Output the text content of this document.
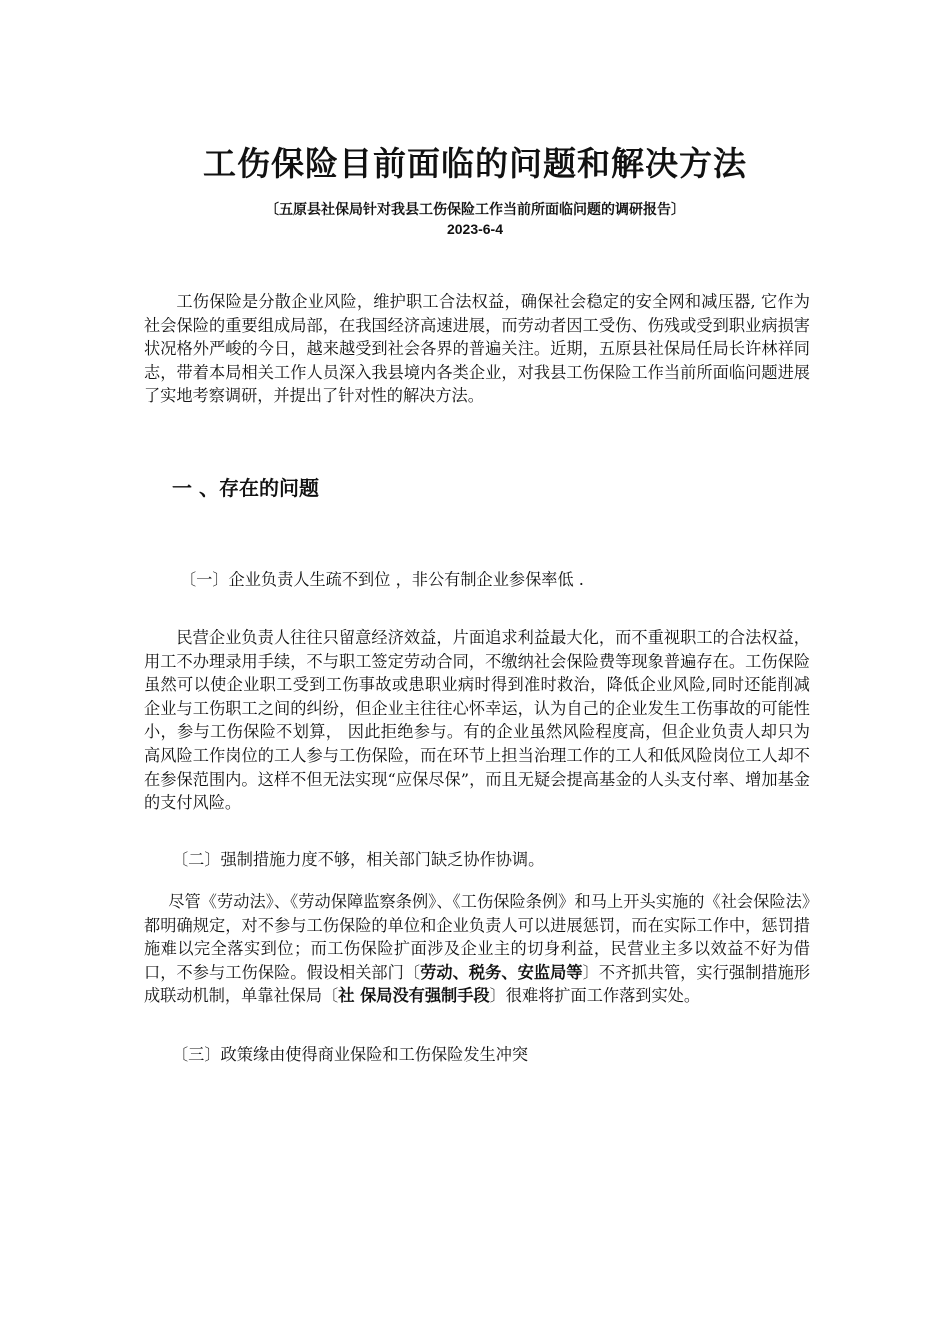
工伤保险目前面临的问题和解决方法

〔五原县社保局针对我县工伤保险工作当前所面临问题的调研报告〕

2023-6-4

工伤保险是分散企业风险，维护职工合法权益，确保社会稳定的安全网和减压器, 它作为社会保险的重要组成局部，在我国经济高速进展，而劳动者因工受伤、伤残或受到职业病损害状况格外严峻的今日，越来越受到社会各界的普遍关注。近期，五原县社保局任局长许林祥同志，带着本局相关工作人员深入我县境内各类企业，对我县工伤保险工作当前所面临问题进展了实地考察调研，并提出了针对性的解决方法。

一 、存在的问题

〔一〕企业负责人生疏不到位 ，非公有制企业参保率低 .

民营企业负责人往往只留意经济效益，片面追求利益最大化，而不重视职工的合法权益，用工不办理录用手续，不与职工签定劳动合同，不缴纳社会保险费等现象普遍存在。工伤保险虽然可以使企业职工受到工伤事故或患职业病时得到准时救治，降低企业风险,同时还能削减企业与工伤职工之间的纠纷，但企业主往往心怀幸运，认为自己的企业发生工伤事故的可能性小，参与工伤保险不划算， 因此拒绝参与。有的企业虽然风险程度高，但企业负责人却只为高风险工作岗位的工人参与工伤保险，而在环节上担当治理工作的工人和低风险岗位工人却不在参保范围内。这样不但无法实现“应保尽保”，而且无疑会提高基金的人头支付率、增加基金的支付风险。

〔二〕强制措施力度不够，相关部门缺乏协作协调。

尽管《劳动法》、《劳动保障监察条例》、《工伤保险条例》和马上开头实施的《社会保险法》都明确规定，对不参与工伤保险的单位和企业负责人可以进展惩罚，而在实际工作中，惩罚措施难以完全落实到位；而工伤保险扩面涉及企业主的切身利益，民营业主多以效益不好为借口，不参与工伤保险。假设相关部门〔劳动、税务、安监局等〕不齐抓共管，实行强制措施形成联动机制，单靠社保局〔社 保局没有强制手段〕很难将扩面工作落到实处。

〔三〕政策缘由使得商业保险和工伤保险发生冲突
